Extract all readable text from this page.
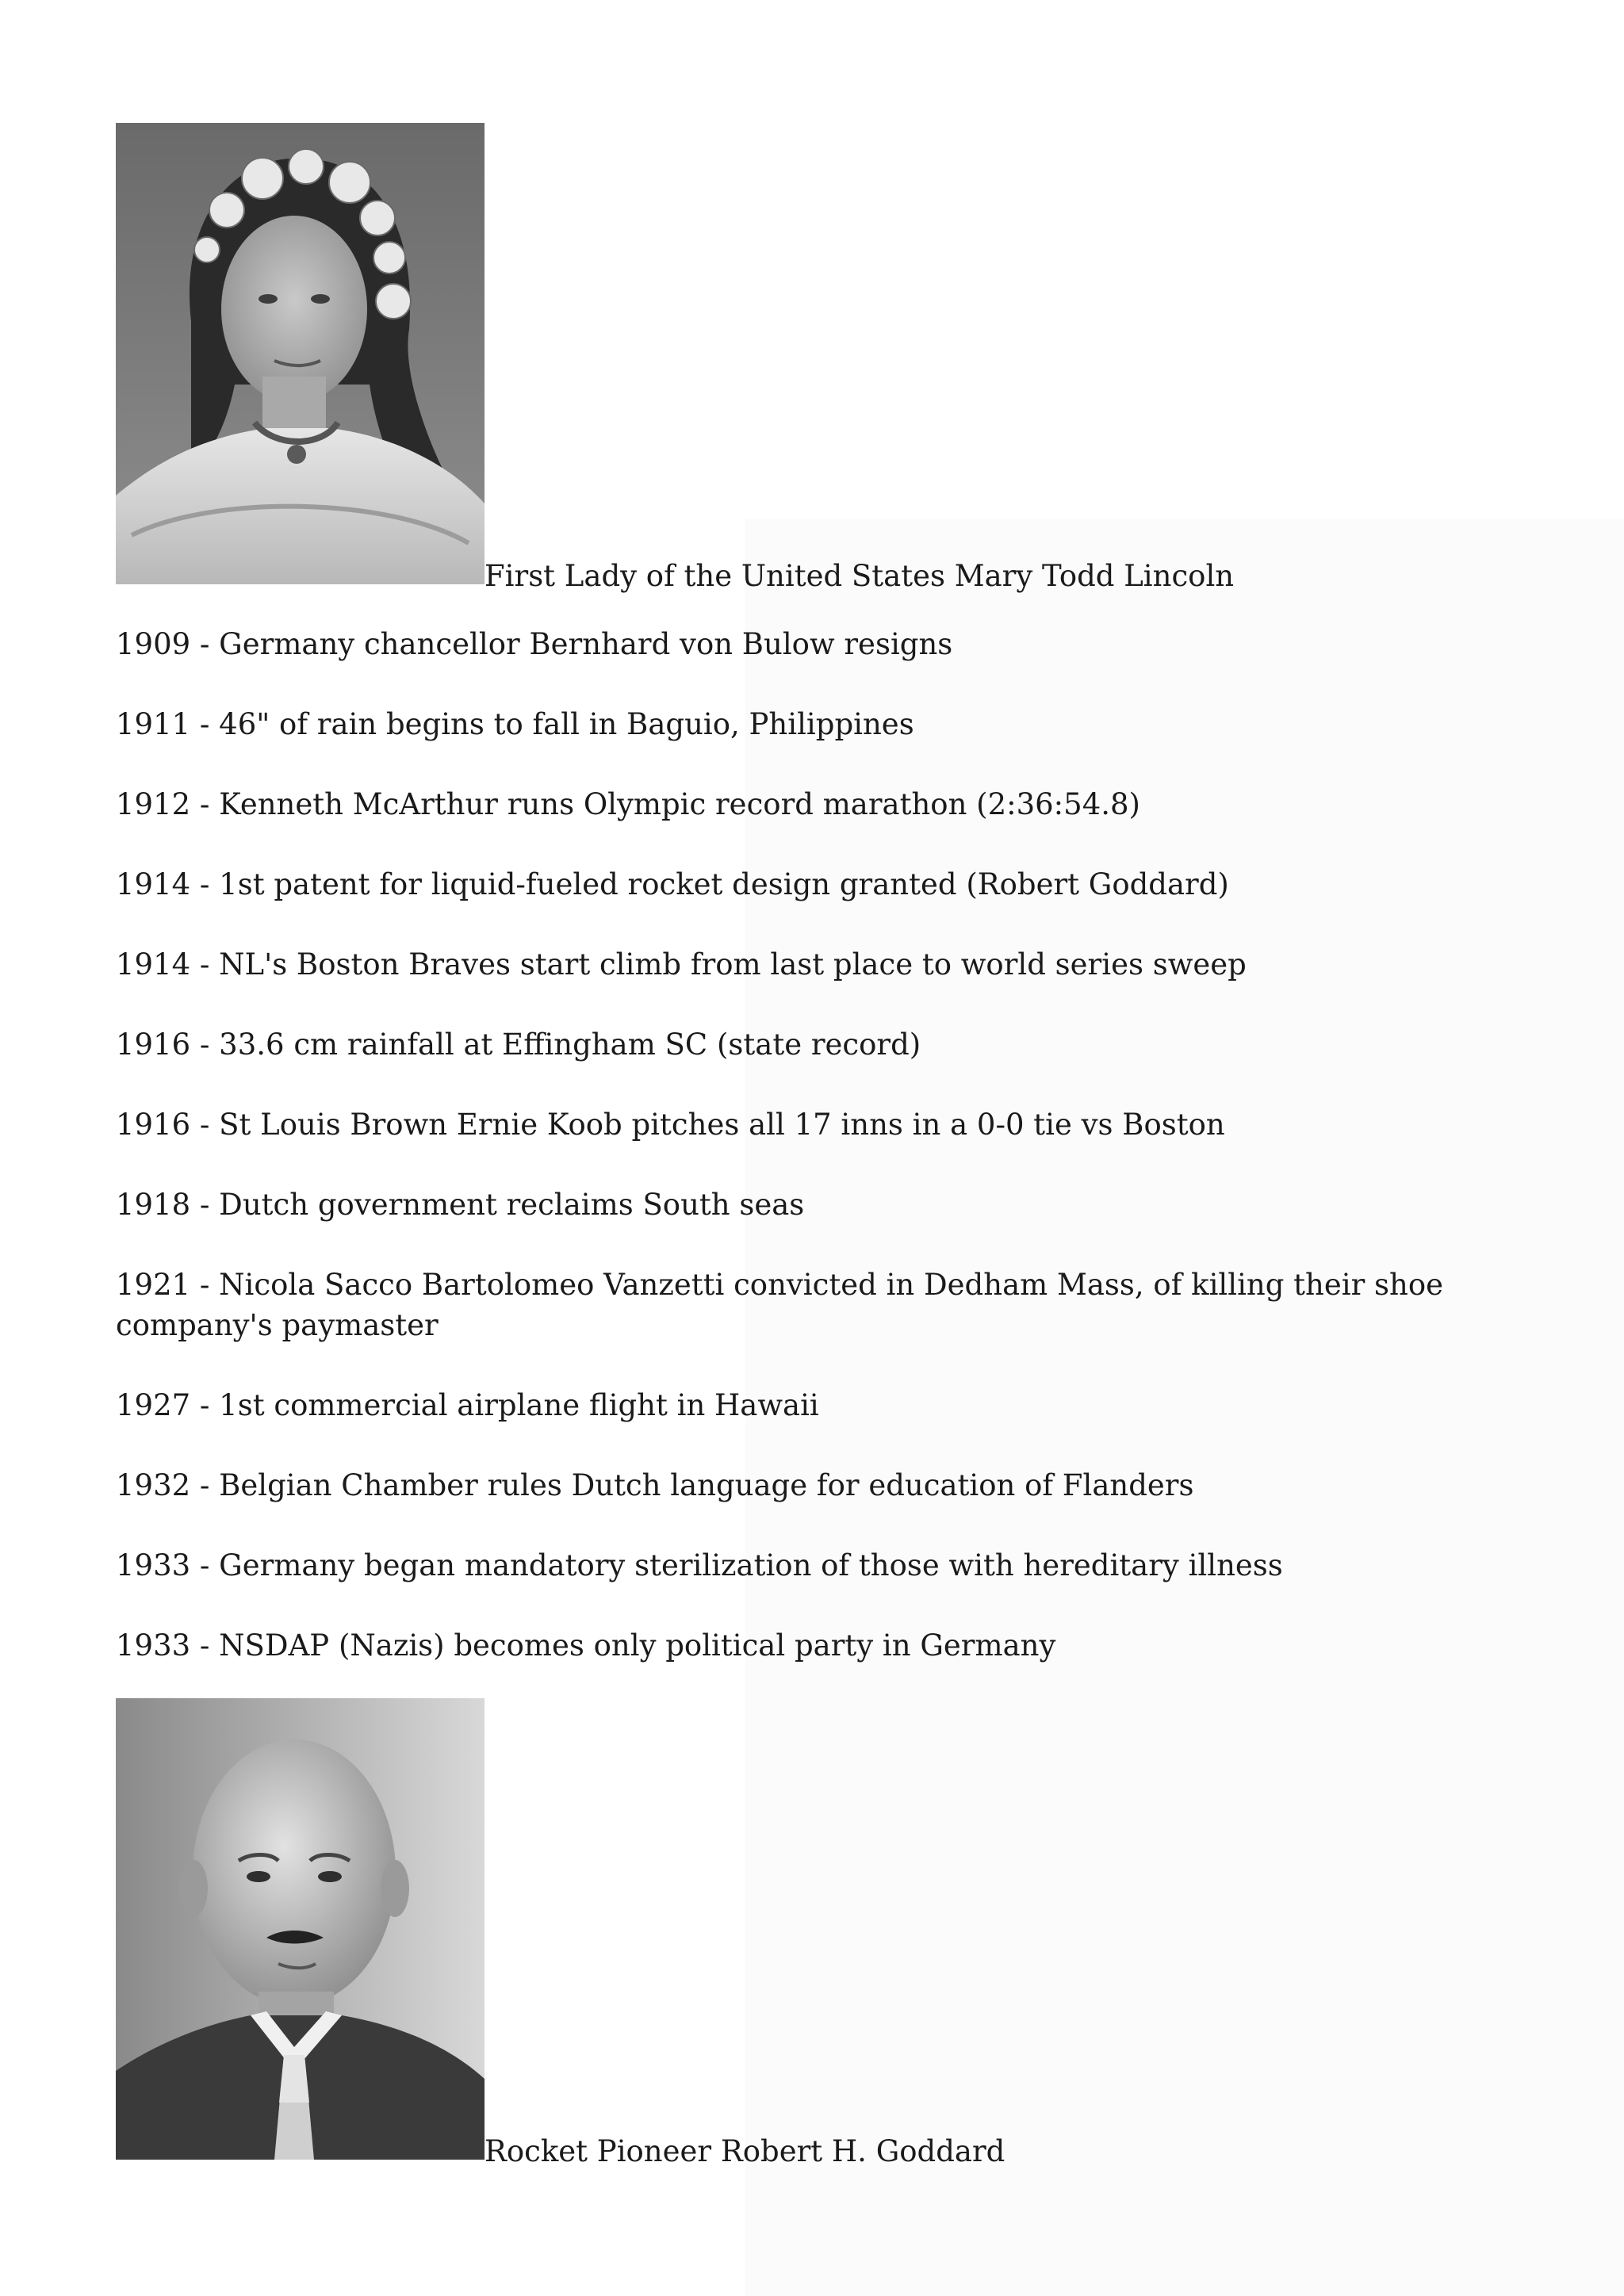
First Lady of the United States Mary Todd Lincoln
1909 - Germany chancellor Bernhard von Bulow resigns
1911 - 46" of rain begins to fall in Baguio, Philippines
1912 - Kenneth McArthur runs Olympic record marathon (2:36:54.8)
1914 - 1st patent for liquid-fueled rocket design granted (Robert Goddard)
1914 - NL's Boston Braves start climb from last place to world series sweep
1916 - 33.6 cm rainfall at Effingham SC (state record)
1916 - St Louis Brown Ernie Koob pitches all 17 inns in a 0-0 tie vs Boston
1918 - Dutch government reclaims South seas
1921 - Nicola Sacco Bartolomeo Vanzetti convicted in Dedham Mass, of killing their shoe company's paymaster
1927 - 1st commercial airplane flight in Hawaii
1932 - Belgian Chamber rules Dutch language for education of Flanders
1933 - Germany began mandatory sterilization of those with hereditary illness
1933 - NSDAP (Nazis) becomes only political party in Germany
Rocket Pioneer Robert H. Goddard
